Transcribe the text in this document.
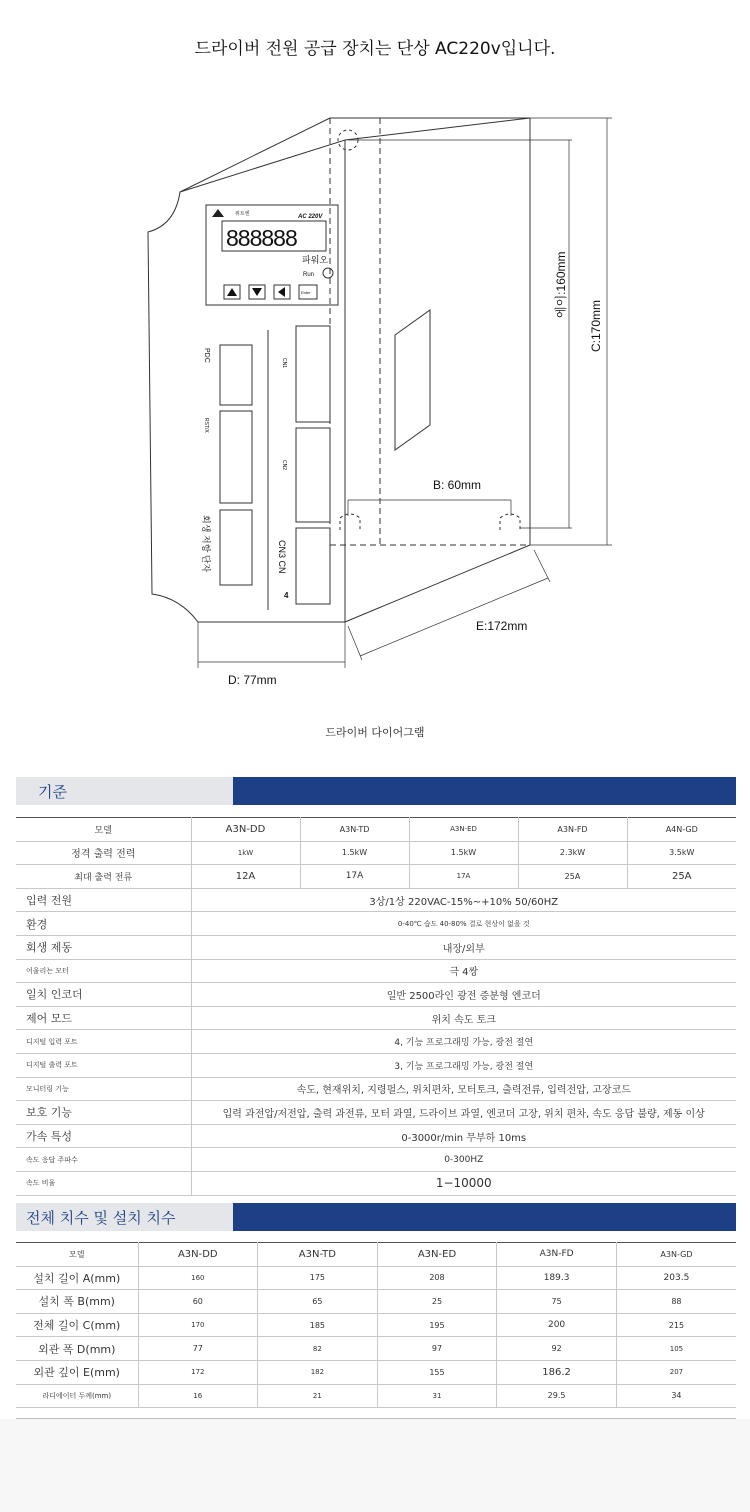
드라이버 전원 공급 장치는 단상 AC220v입니다.
위트엔	AC 220V
888888
파워오
Run
Enter
PDC
RST/X
회생 저항 단자
CN1
CN2
CN3 CN
4
에이:160mm
C:170mm
B: 60mm
E:172mm
D: 77mm
드라이버 다이어그램
기준
모델	A3N-DD	A3N-TD	A3N-ED	A3N-FD	A4N-GD
정격 출력 전력	1kW	1.5kW	1.5kW	2.3kW	3.5kW
최대 출력 전류	12A	17A	17A	25A	25A
입력 전원	3상/1상 220VAC-15%~+10% 50/60HZ				
환경	0-40℃ 습도 40-80% 결로 현상이 없을 것				
회생 제동	내장/외부				
어울리는 모터	극 4쌍				
일치 인코더	일반 2500라인 광전 증분형 엔코더				
제어 모드	위치 속도 토크				
디지털 입력 포트	4, 기능 프로그래밍 가능, 광전 절연				
디지털 출력 포트	3, 기능 프로그래밍 가능, 광전 절연				
모니터링 기능	속도, 현재위치, 지령펄스, 위치편차, 모터토크, 출력전류, 입력전압, 고장코드				
보호 기능	입력 과전압/저전압, 출력 과전류, 모터 과열, 드라이브 과열, 엔코더 고장, 위치 편차, 속도 응답 불량, 제동 이상				
가속 특성	0-3000r/min 무부하 10ms				
속도 응답 주파수	0-300HZ				
속도 비율	1−10000				
전체 치수 및 설치 치수
모델	A3N-DD	A3N-TD	A3N-ED	A3N-FD	A3N-GD
설치 길이 A(mm)	160	175	208	189.3	203.5
설치 폭 B(mm)	60	65	25	75	88
전체 길이 C(mm)	170	185	195	200	215
외관 폭 D(mm)	77	82	97	92	105
외관 깊이 E(mm)	172	182	155	186.2	207
라디에이터 두께(mm)	16	21	31	29.5	34
